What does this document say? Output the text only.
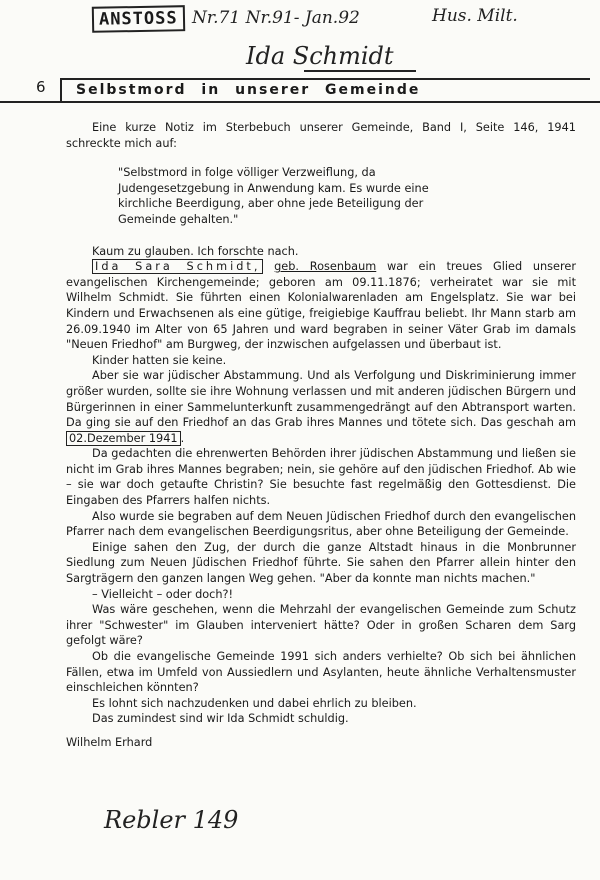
ANSTOSS Nr.71 Nr.91- Jan.92	Hus. Milt.
Ida Schmidt
6 Selbstmord in unserer Gemeinde

Eine kurze Notiz im Sterbebuch unserer Gemeinde, Band I, Seite 146, 1941 schreckte mich auf:

"Selbstmord in folge völliger Verzweiflung, da Judengesetzgebung in Anwendung kam. Es wurde eine kirchliche Beerdigung, aber ohne jede Beteiligung der Gemeinde gehalten."

Kaum zu glauben. Ich forschte nach.

Ida Sara Schmidt, geb. Rosenbaum war ein treues Glied unserer evangelischen Kirchengemeinde; geboren am 09.11.1876; verheiratet war sie mit Wilhelm Schmidt. Sie führten einen Kolonialwarenladen am Engelsplatz. Sie war bei Kindern und Erwachsenen als eine gütige, freigiebige Kauffrau beliebt. Ihr Mann starb am 26.09.1940 im Alter von 65 Jahren und ward begraben in seiner Väter Grab im damals "Neuen Friedhof" am Burgweg, der inzwischen aufgelassen und überbaut ist.

Kinder hatten sie keine.

Aber sie war jüdischer Abstammung. Und als Verfolgung und Diskriminierung immer größer wurden, sollte sie ihre Wohnung verlassen und mit anderen jüdischen Bürgern und Bürgerinnen in einer Sammelunterkunft zusammengedrängt auf den Abtransport warten. Da ging sie auf den Friedhof an das Grab ihres Mannes und tötete sich. Das geschah am 02.Dezember 1941 .

Da gedachten die ehrenwerten Behörden ihrer jüdischen Abstammung und ließen sie nicht im Grab ihres Mannes begraben; nein, sie gehöre auf den jüdischen Friedhof. Ab wie – sie war doch getaufte Christin? Sie besuchte fast regelmäßig den Gottesdienst. Die Eingaben des Pfarrers halfen nichts.

Also wurde sie begraben auf dem Neuen Jüdischen Friedhof durch den evangelischen Pfarrer nach dem evangelischen Beerdigungsritus, aber ohne Beteiligung der Gemeinde.

Einige sahen den Zug, der durch die ganze Altstadt hinaus in die Monbrunner Siedlung zum Neuen Jüdischen Friedhof führte. Sie sahen den Pfarrer allein hinter den Sargträgern den ganzen langen Weg gehen. "Aber da konnte man nichts machen."

– Vielleicht – oder doch?!

Was wäre geschehen, wenn die Mehrzahl der evangelischen Gemeinde zum Schutz ihrer "Schwester" im Glauben interveniert hätte? Oder in großen Scharen dem Sarg gefolgt wäre?

Ob die evangelische Gemeinde 1991 sich anders verhielte? Ob sich bei ähnlichen Fällen, etwa im Umfeld von Aussiedlern und Asylanten, heute ähnliche Verhaltensmuster einschleichen könnten?

Es lohnt sich nachzudenken und dabei ehrlich zu bleiben.

Das zumindest sind wir Ida Schmidt schuldig.

Wilhelm Erhard

Rebler 149
